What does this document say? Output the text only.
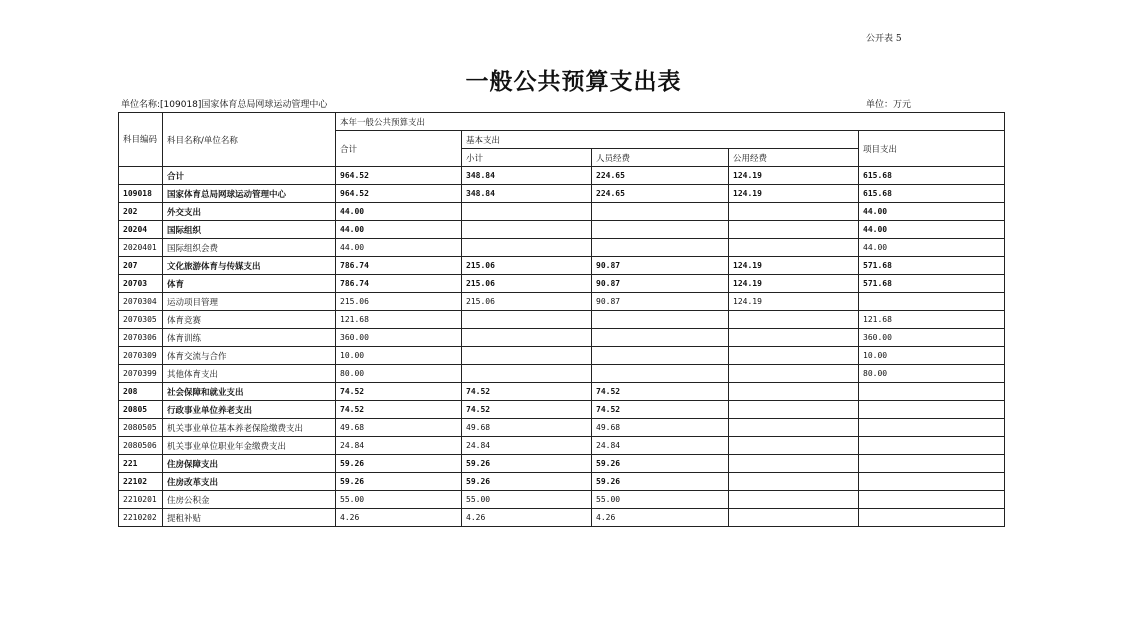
公开表 5
一般公共预算支出表
单位名称:[109018]国家体育总局网球运动管理中心	单位：万元
科目编码	科目名称/单位名称	本年一般公共预算支出				
		合计	基本支出			项目支出
			小计	人员经费	公用经费	
	合计	964.52	348.84	224.65	124.19	615.68
109018	国家体育总局网球运动管理中心	964.52	348.84	224.65	124.19	615.68
202	外交支出	44.00				44.00
20204	国际组织	44.00				44.00
2020401	国际组织会费	44.00				44.00
207	文化旅游体育与传媒支出	786.74	215.06	90.87	124.19	571.68
20703	体育	786.74	215.06	90.87	124.19	571.68
2070304	运动项目管理	215.06	215.06	90.87	124.19	
2070305	体育竞赛	121.68				121.68
2070306	体育训练	360.00				360.00
2070309	体育交流与合作	10.00				10.00
2070399	其他体育支出	80.00				80.00
208	社会保障和就业支出	74.52	74.52	74.52		
20805	行政事业单位养老支出	74.52	74.52	74.52		
2080505	机关事业单位基本养老保险缴费支出	49.68	49.68	49.68		
2080506	机关事业单位职业年金缴费支出	24.84	24.84	24.84		
221	住房保障支出	59.26	59.26	59.26		
22102	住房改革支出	59.26	59.26	59.26		
2210201	住房公积金	55.00	55.00	55.00		
2210202	提租补贴	4.26	4.26	4.26		
